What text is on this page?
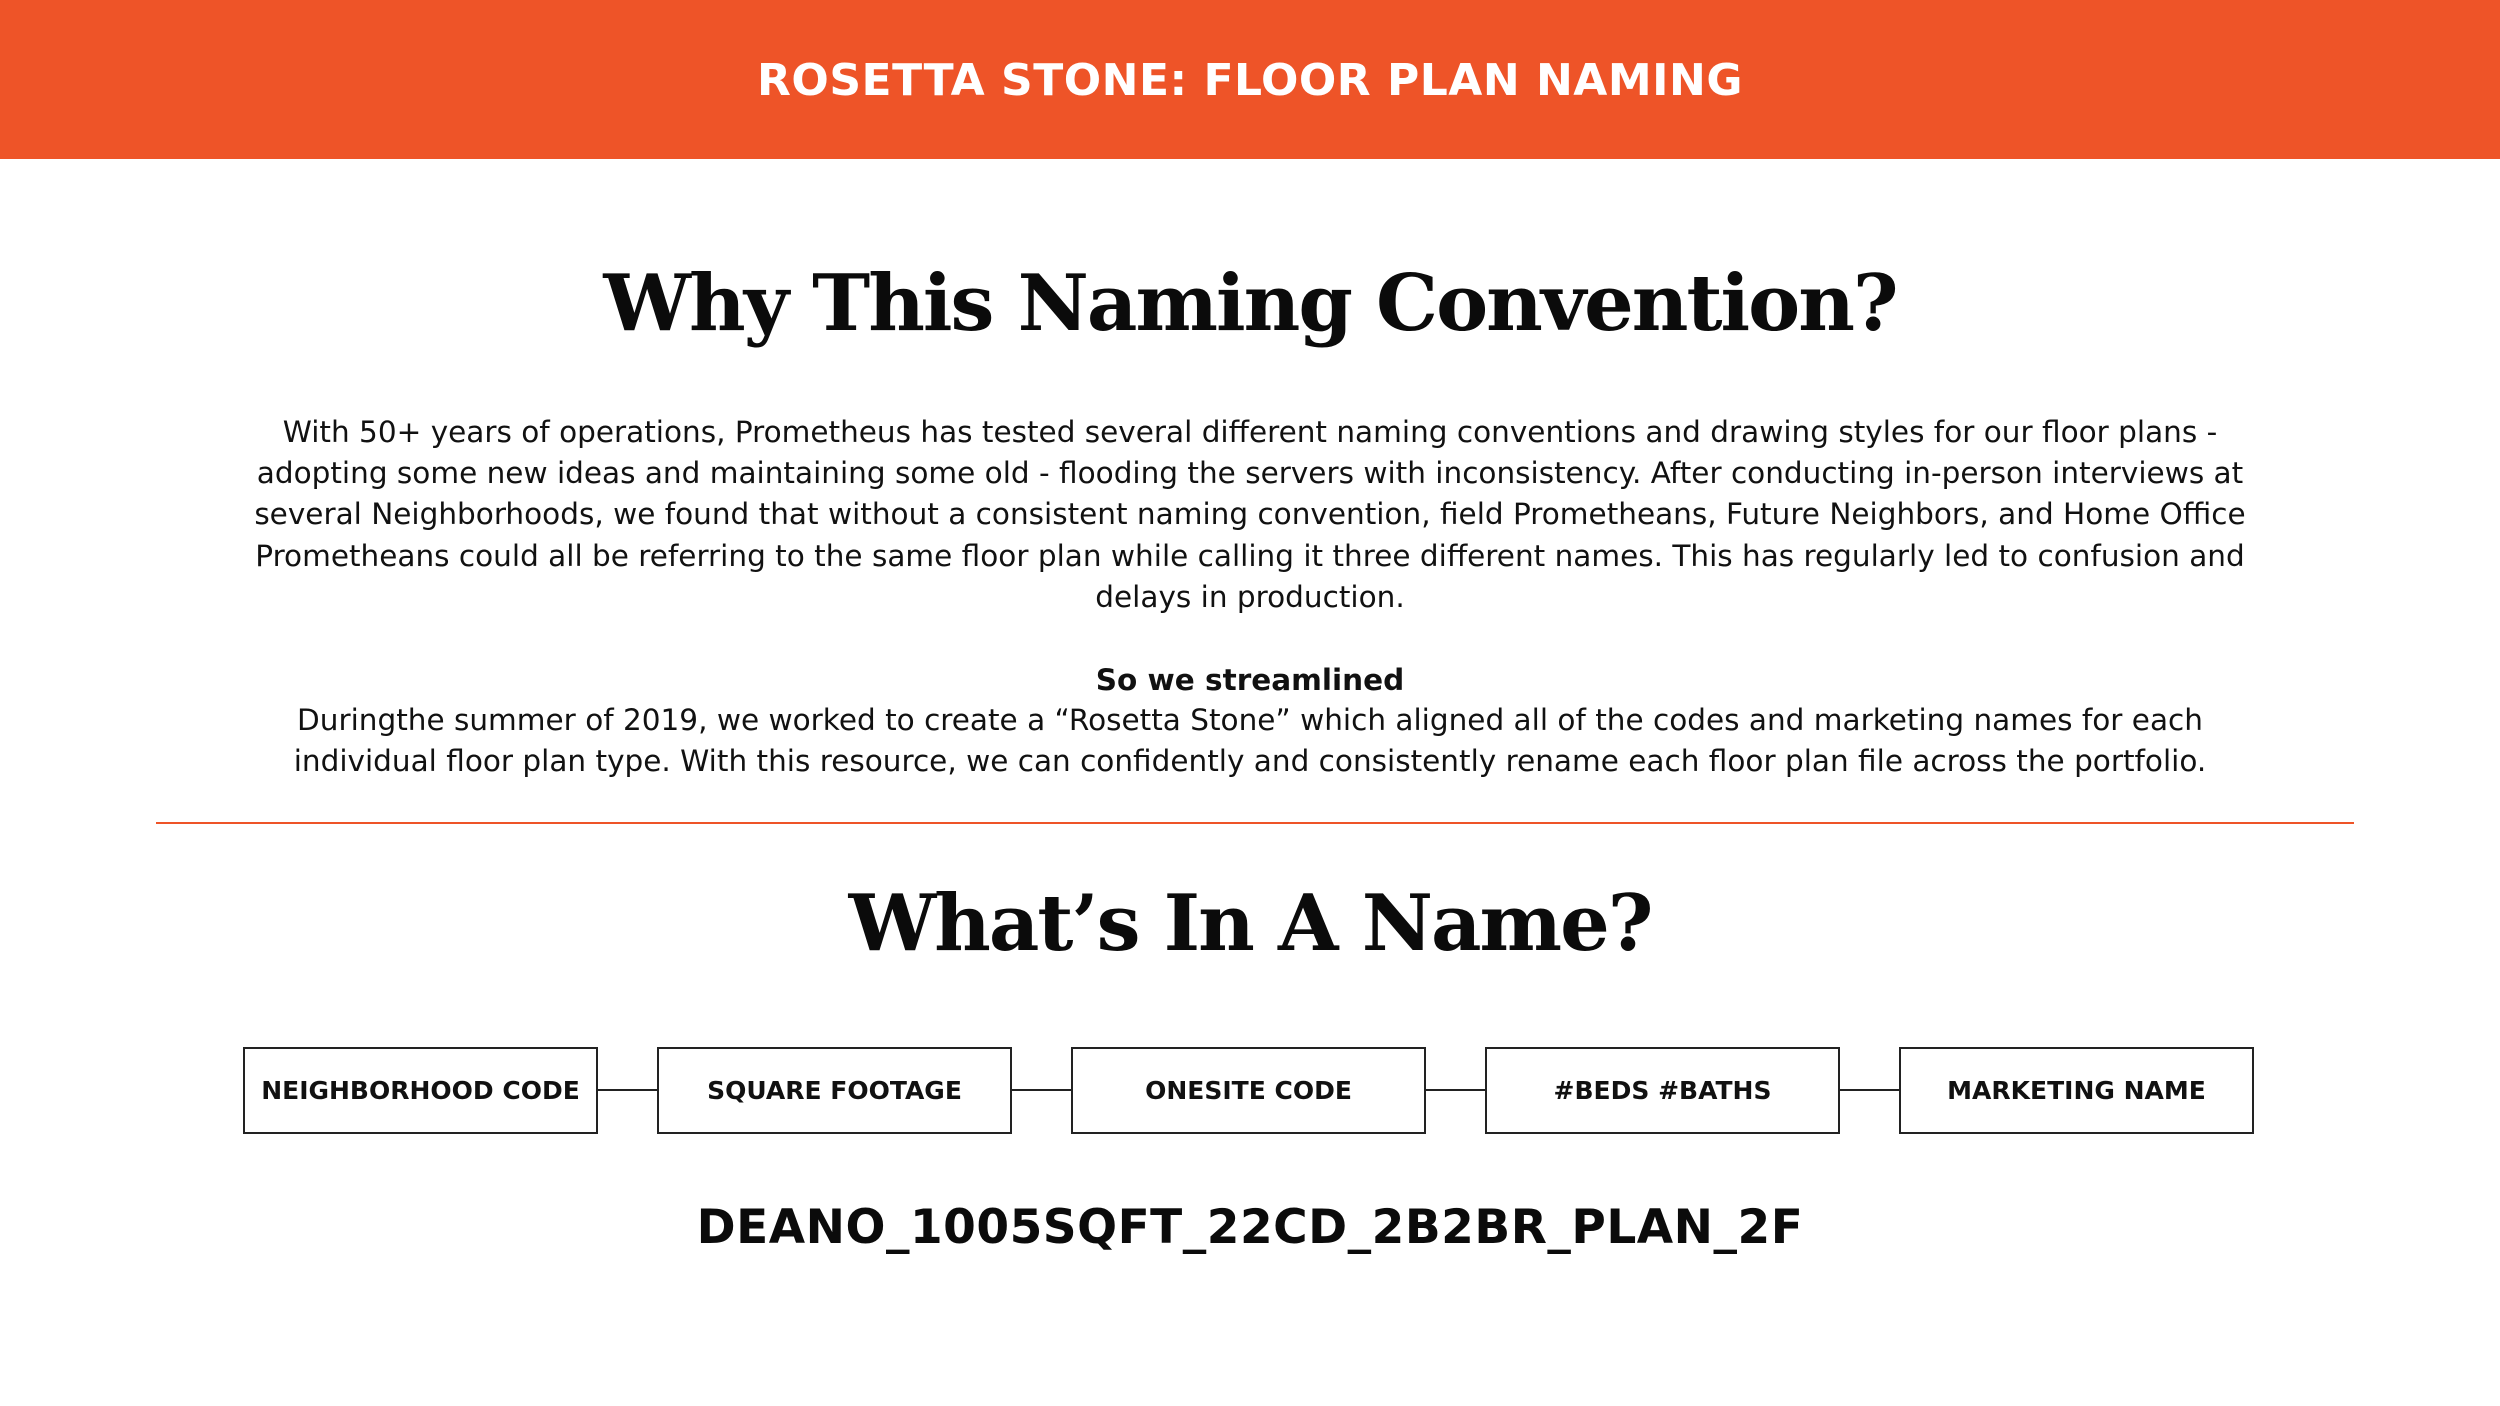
ROSETTA STONE: FLOOR PLAN NAMING
Why This Naming Convention?

With 50+ years of operations, Prometheus has tested several different naming conventions and drawing styles for our floor plans - adopting some new ideas and maintaining some old - flooding the servers with inconsistency. After conducting in-person interviews at several Neighborhoods, we found that without a consistent naming convention, field Prometheans, Future Neighbors, and Home Office Prometheans could all be referring to the same floor plan while calling it three different names. This has regularly led to confusion and delays in production.

So we streamlined

Duringthe summer of 2019, we worked to create a “Rosetta Stone” which aligned all of the codes and marketing names for each individual floor plan type. With this resource, we can confidently and consistently rename each floor plan file across the portfolio.

What’s In A Name?
NEIGHBORHOOD CODE	SQUARE FOOTAGE	ONESITE CODE	#BEDS #BATHS	MARKETING NAME

DEANO_1005SQFT_22CD_2B2BR_PLAN_2F
